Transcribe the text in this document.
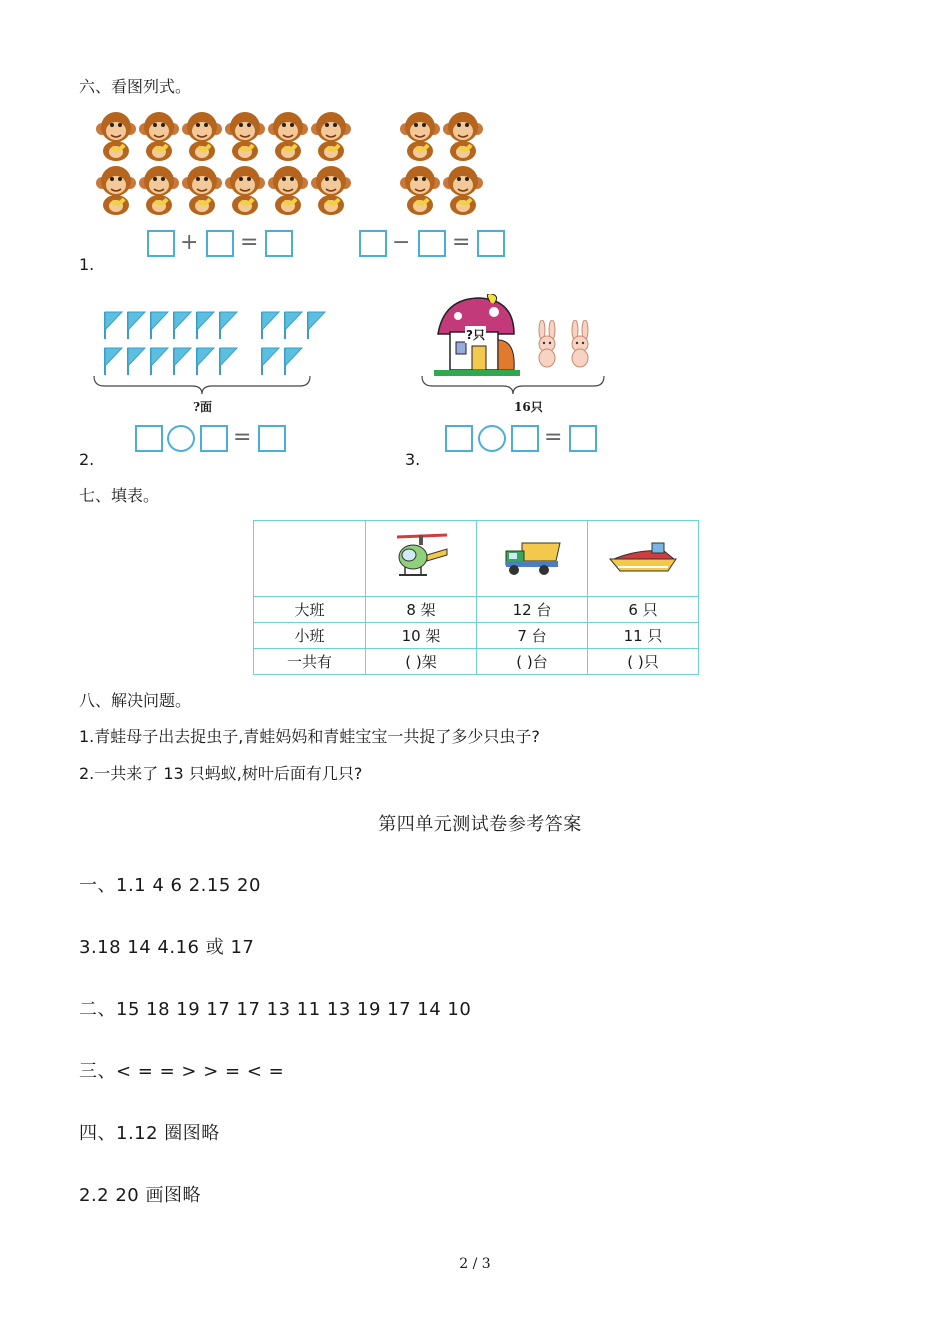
六、看图列式。
+ =	− =
1.
?面
=
2.
?只
16只
=
3.
七、填表。

大班	8 架	12 台	6 只
小班	10 架	7 台	11 只
一共有	( )架	( )台	( )只
八、解决问题。
1.青蛙母子出去捉虫子,青蛙妈妈和青蛙宝宝一共捉了多少只虫子?
2.一共来了 13 只蚂蚁,树叶后面有几只?
第四单元测试卷参考答案
一、1.1 4 6 2.15 20
3.18 14 4.16 或 17
二、15 18 19 17 17 13 11 13 19 17 14 10
三、< = = > > = < =
四、1.12 圈图略
2.2 20 画图略
2 / 3
